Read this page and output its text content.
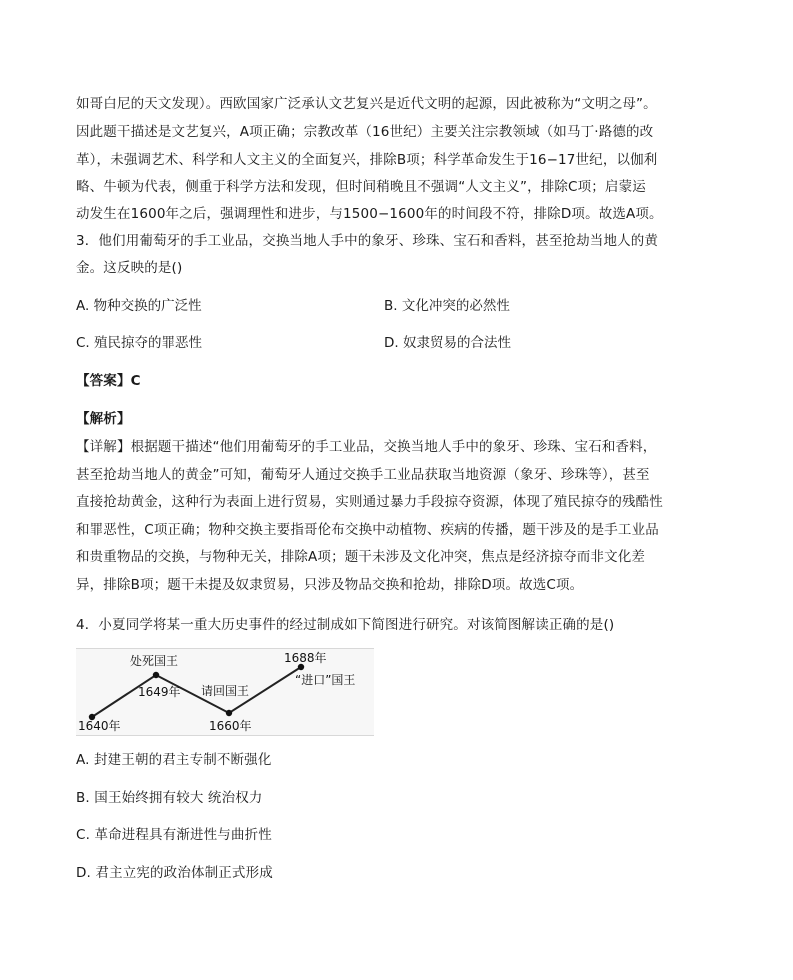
如哥白尼的天文发现）。西欧国家广泛承认文艺复兴是近代文明的起源，因此被称为“文明之母”。
因此题干描述是文艺复兴，A项正确；宗教改革（16世纪）主要关注宗教领域（如马丁·路德的改
革），未强调艺术、科学和人文主义的全面复兴，排除B项；科学革命发生于16−17世纪，以伽利
略、牛顿为代表，侧重于科学方法和发现，但时间稍晚且不强调“人文主义”，排除C项；启蒙运
动发生在1600年之后，强调理性和进步，与1500−1600年的时间段不符，排除D项。故选A项。
3．他们用葡萄牙的手工业品，交换当地人手中的象牙、珍珠、宝石和香料，甚至抢劫当地人的黄
金。这反映的是()
A. 物种交换的广泛性	B. 文化冲突的必然性
C. 殖民掠夺的罪恶性	D. 奴隶贸易的合法性
【答案】C
【解析】
【详解】根据题干描述“他们用葡萄牙的手工业品，交换当地人手中的象牙、珍珠、宝石和香料，
甚至抢劫当地人的黄金”可知，葡萄牙人通过交换手工业品获取当地资源（象牙、珍珠等），甚至
直接抢劫黄金，这种行为表面上进行贸易，实则通过暴力手段掠夺资源，体现了殖民掠夺的残酷性
和罪恶性，C项正确；物种交换主要指哥伦布交换中动植物、疾病的传播，题干涉及的是手工业品
和贵重物品的交换，与物种无关，排除A项；题干未涉及文化冲突，焦点是经济掠夺而非文化差
异，排除B项；题干未提及奴隶贸易，只涉及物品交换和抢劫，排除D项。故选C项。
4．小夏同学将某一重大历史事件的经过制成如下简图进行研究。对该简图解读正确的是()
1640年
处死国王
1649年 请回国王
1660年
1688年
“进口”国王
A. 封建王朝的君主专制不断强化
B. 国王始终拥有较大 统治权力
C. 革命进程具有渐进性与曲折性
D. 君主立宪的政治体制正式形成
